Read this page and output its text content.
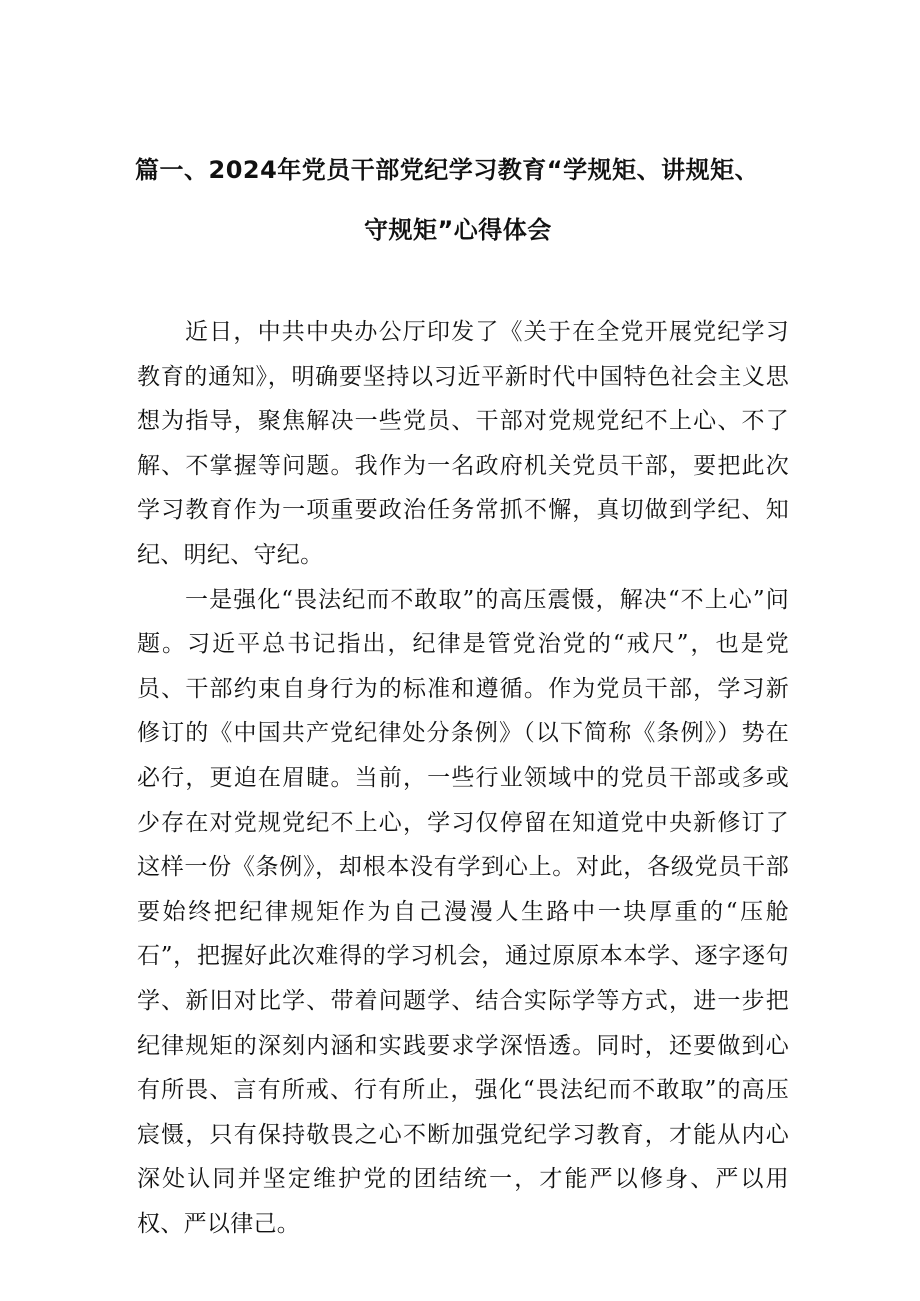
篇一、2024年党员干部党纪学习教育“学规矩、讲规矩、
守规矩”心得体会

近日，中共中央办公厅印发了《关于在全党开展党纪学习教育的通知》，明确要坚持以习近平新时代中国特色社会主义思想为指导，聚焦解决一些党员、干部对党规党纪不上心、不了解、不掌握等问题。我作为一名政府机关党员干部，要把此次学习教育作为一项重要政治任务常抓不懈，真切做到学纪、知纪、明纪、守纪。

一是强化“畏法纪而不敢取”的高压震慑，解决“不上心”问题。习近平总书记指出，纪律是管党治党的“戒尺”，也是党员、干部约束自身行为的标准和遵循。作为党员干部，学习新修订的《中国共产党纪律处分条例》（以下简称《条例》）势在必行，更迫在眉睫。当前，一些行业领域中的党员干部或多或少存在对党规党纪不上心，学习仅停留在知道党中央新修订了这样一份《条例》，却根本没有学到心上。对此，各级党员干部要始终把纪律规矩作为自己漫漫人生路中一块厚重的“压舱石”，把握好此次难得的学习机会，通过原原本本学、逐字逐句学、新旧对比学、带着问题学、结合实际学等方式，进一步把纪律规矩的深刻内涵和实践要求学深悟透。同时，还要做到心有所畏、言有所戒、行有所止，强化“畏法纪而不敢取”的高压宸慑，只有保持敬畏之心不断加强党纪学习教育，才能从内心深处认同并坚定维护党的团结统一，才能严以修身、严以用权、严以律己。
